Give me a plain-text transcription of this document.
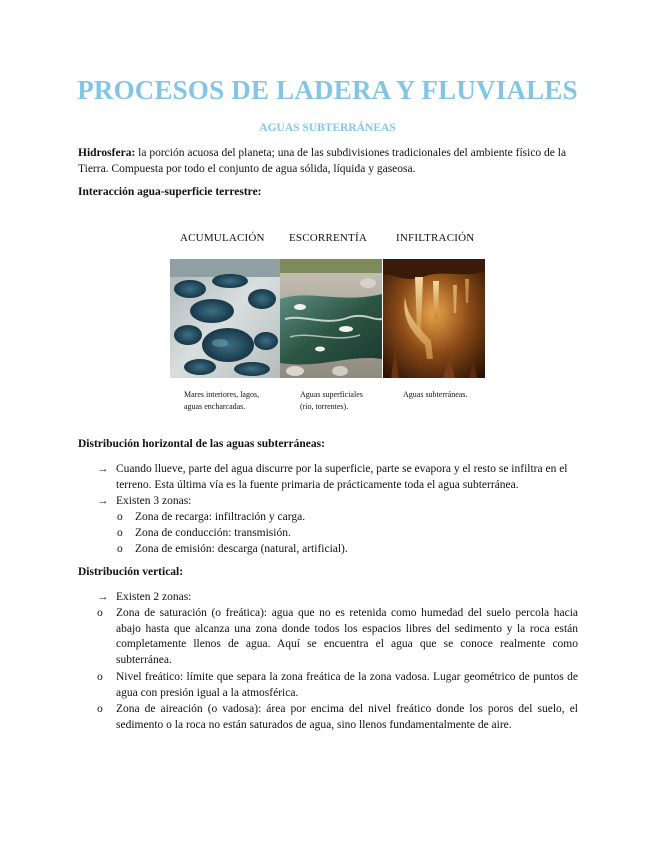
PROCESOS DE LADERA Y FLUVIALES
AGUAS SUBTERRÁNEAS
Hidrosfera: la porción acuosa del planeta; una de las subdivisiones tradicionales del ambiente físico de la Tierra. Compuesta por todo el conjunto de agua sólida, líquida y gaseosa.
Interacción agua-superficie terrestre:
ACUMULACIÓN ESCORRENTÍA	INFILTRACIÓN
Mares interiores, lagos,
aguas encharcadas.
Aguas superficiales
(río, torrentes).
Aguas subterráneas.
Distribución horizontal de las aguas subterráneas:
→ Cuando llueve, parte del agua discurre por la superficie, parte se evapora y el resto se infiltra en el terreno. Esta última vía es la fuente primaria de prácticamente toda el agua subterránea.
→ Existen 3 zonas:
o Zona de recarga: infiltración y carga.
o Zona de conducción: transmisión.
o Zona de emisión: descarga (natural, artificial).
Distribución vertical:
→ Existen 2 zonas:
o Zona de saturación (o freática): agua que no es retenida como humedad del suelo percola hacia abajo hasta que alcanza una zona donde todos los espacios libres del sedimento y la roca están completamente llenos de agua. Aquí se encuentra el agua que se conoce realmente como subterránea.
o Nivel freático: límite que separa la zona freática de la zona vadosa. Lugar geométrico de puntos de agua con presión igual a la atmosférica.
o Zona de aireación (o vadosa): área por encima del nivel freático donde los poros del suelo, el sedimento o la roca no están saturados de agua, sino llenos fundamentalmente de aire.
